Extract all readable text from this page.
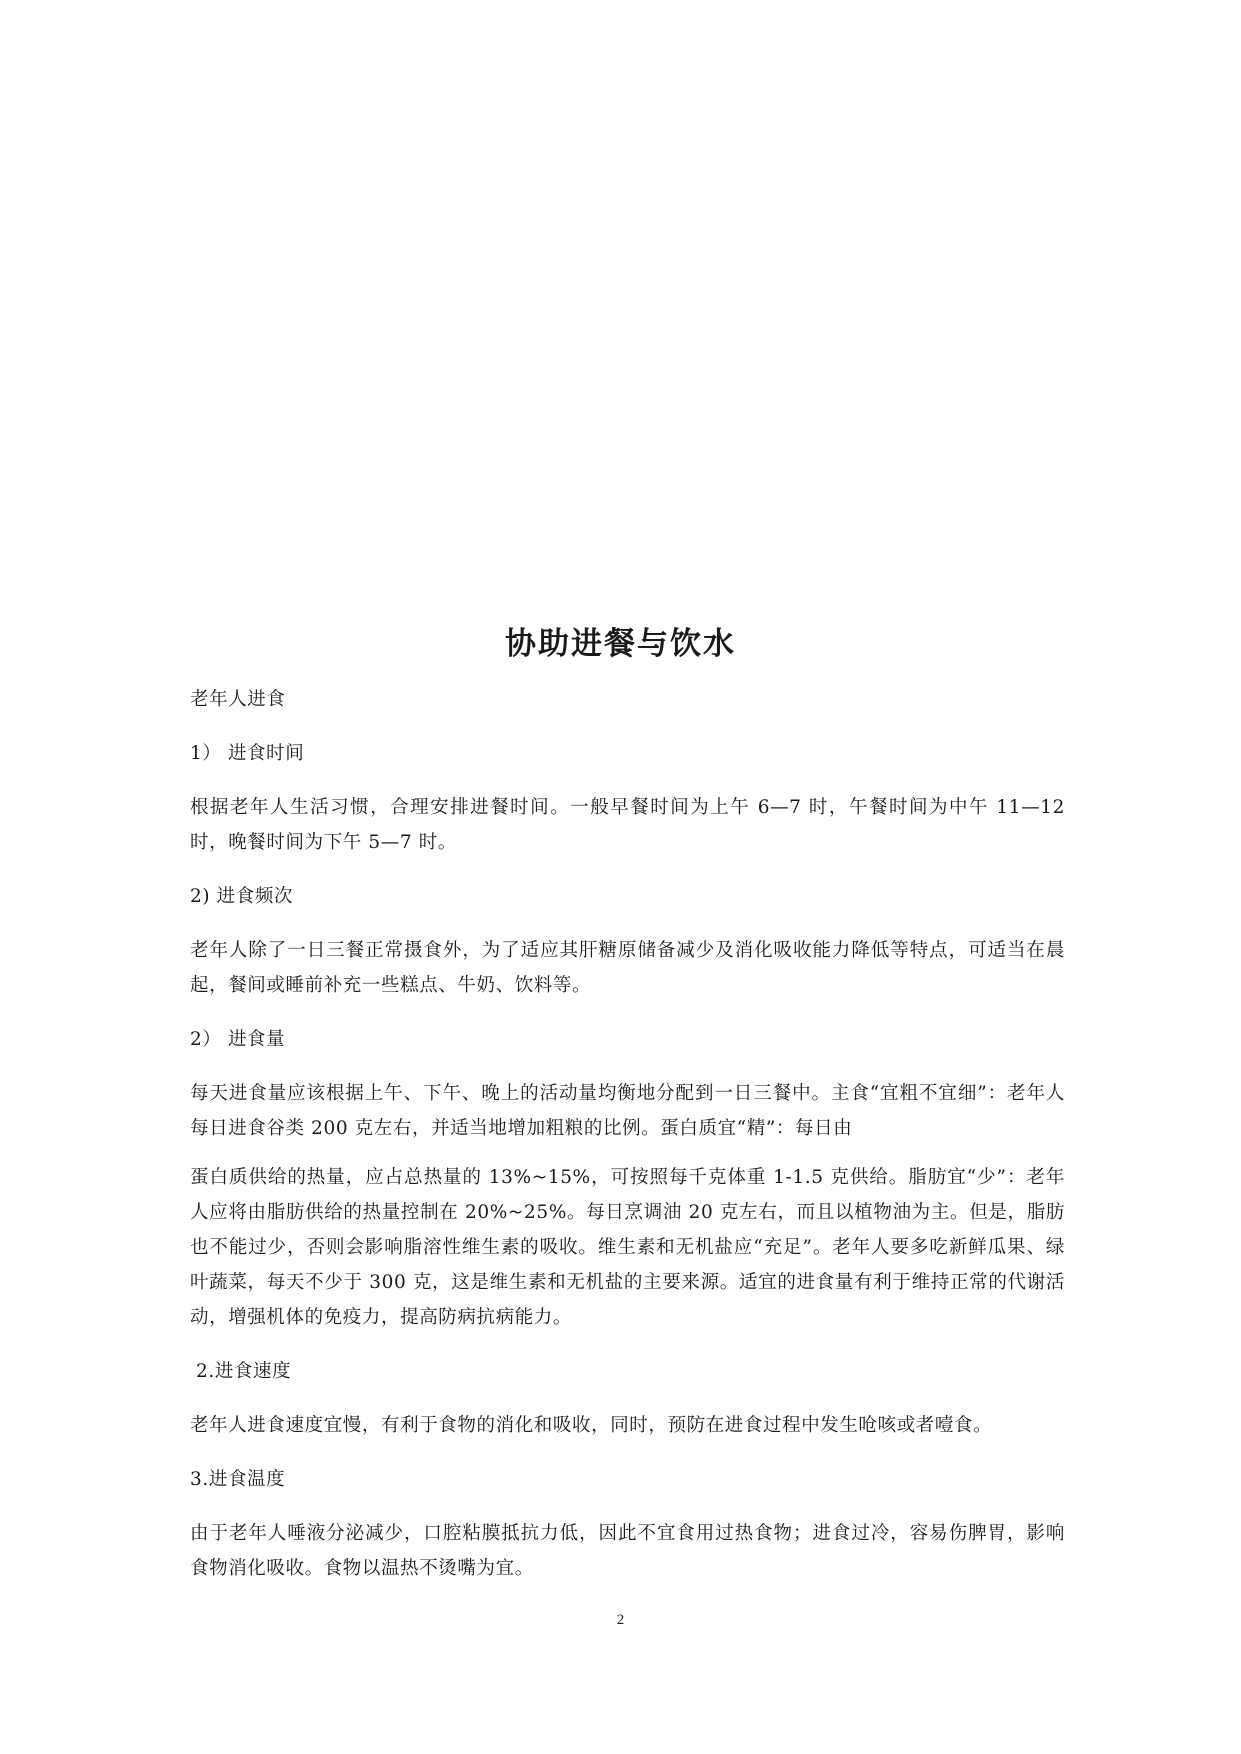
协助进餐与饮水

老年人进食

1） 进食时间

根据老年人生活习惯，合理安排进餐时间。一般早餐时间为上午 6—7 时，午餐时间为中午 11—12 时，晚餐时间为下午 5—7 时。

2) 进食频次

老年人除了一日三餐正常摄食外，为了适应其肝糖原储备减少及消化吸收能力降低等特点，可适当在晨起，餐间或睡前补充一些糕点、牛奶、饮料等。

2） 进食量

每天进食量应该根据上午、下午、晚上的活动量均衡地分配到一日三餐中。主食“宜粗不宜细”：老年人每日进食谷类 200 克左右，并适当地增加粗粮的比例。蛋白质宜“精”：每日由

蛋白质供给的热量，应占总热量的 13%~15%，可按照每千克体重 1-1.5 克供给。脂肪宜“少”：老年人应将由脂肪供给的热量控制在 20%~25%。每日烹调油 20 克左右，而且以植物油为主。但是，脂肪也不能过少，否则会影响脂溶性维生素的吸收。维生素和无机盐应“充足”。老年人要多吃新鲜瓜果、绿叶蔬菜，每天不少于 300 克，这是维生素和无机盐的主要来源。适宜的进食量有利于维持正常的代谢活动，增强机体的免疫力，提高防病抗病能力。

2.进食速度

老年人进食速度宜慢，有利于食物的消化和吸收，同时，预防在进食过程中发生呛咳或者噎食。

3.进食温度

由于老年人唾液分泌减少，口腔粘膜抵抗力低，因此不宜食用过热食物；进食过冷，容易伤脾胃，影响食物消化吸收。食物以温热不烫嘴为宜。

2
